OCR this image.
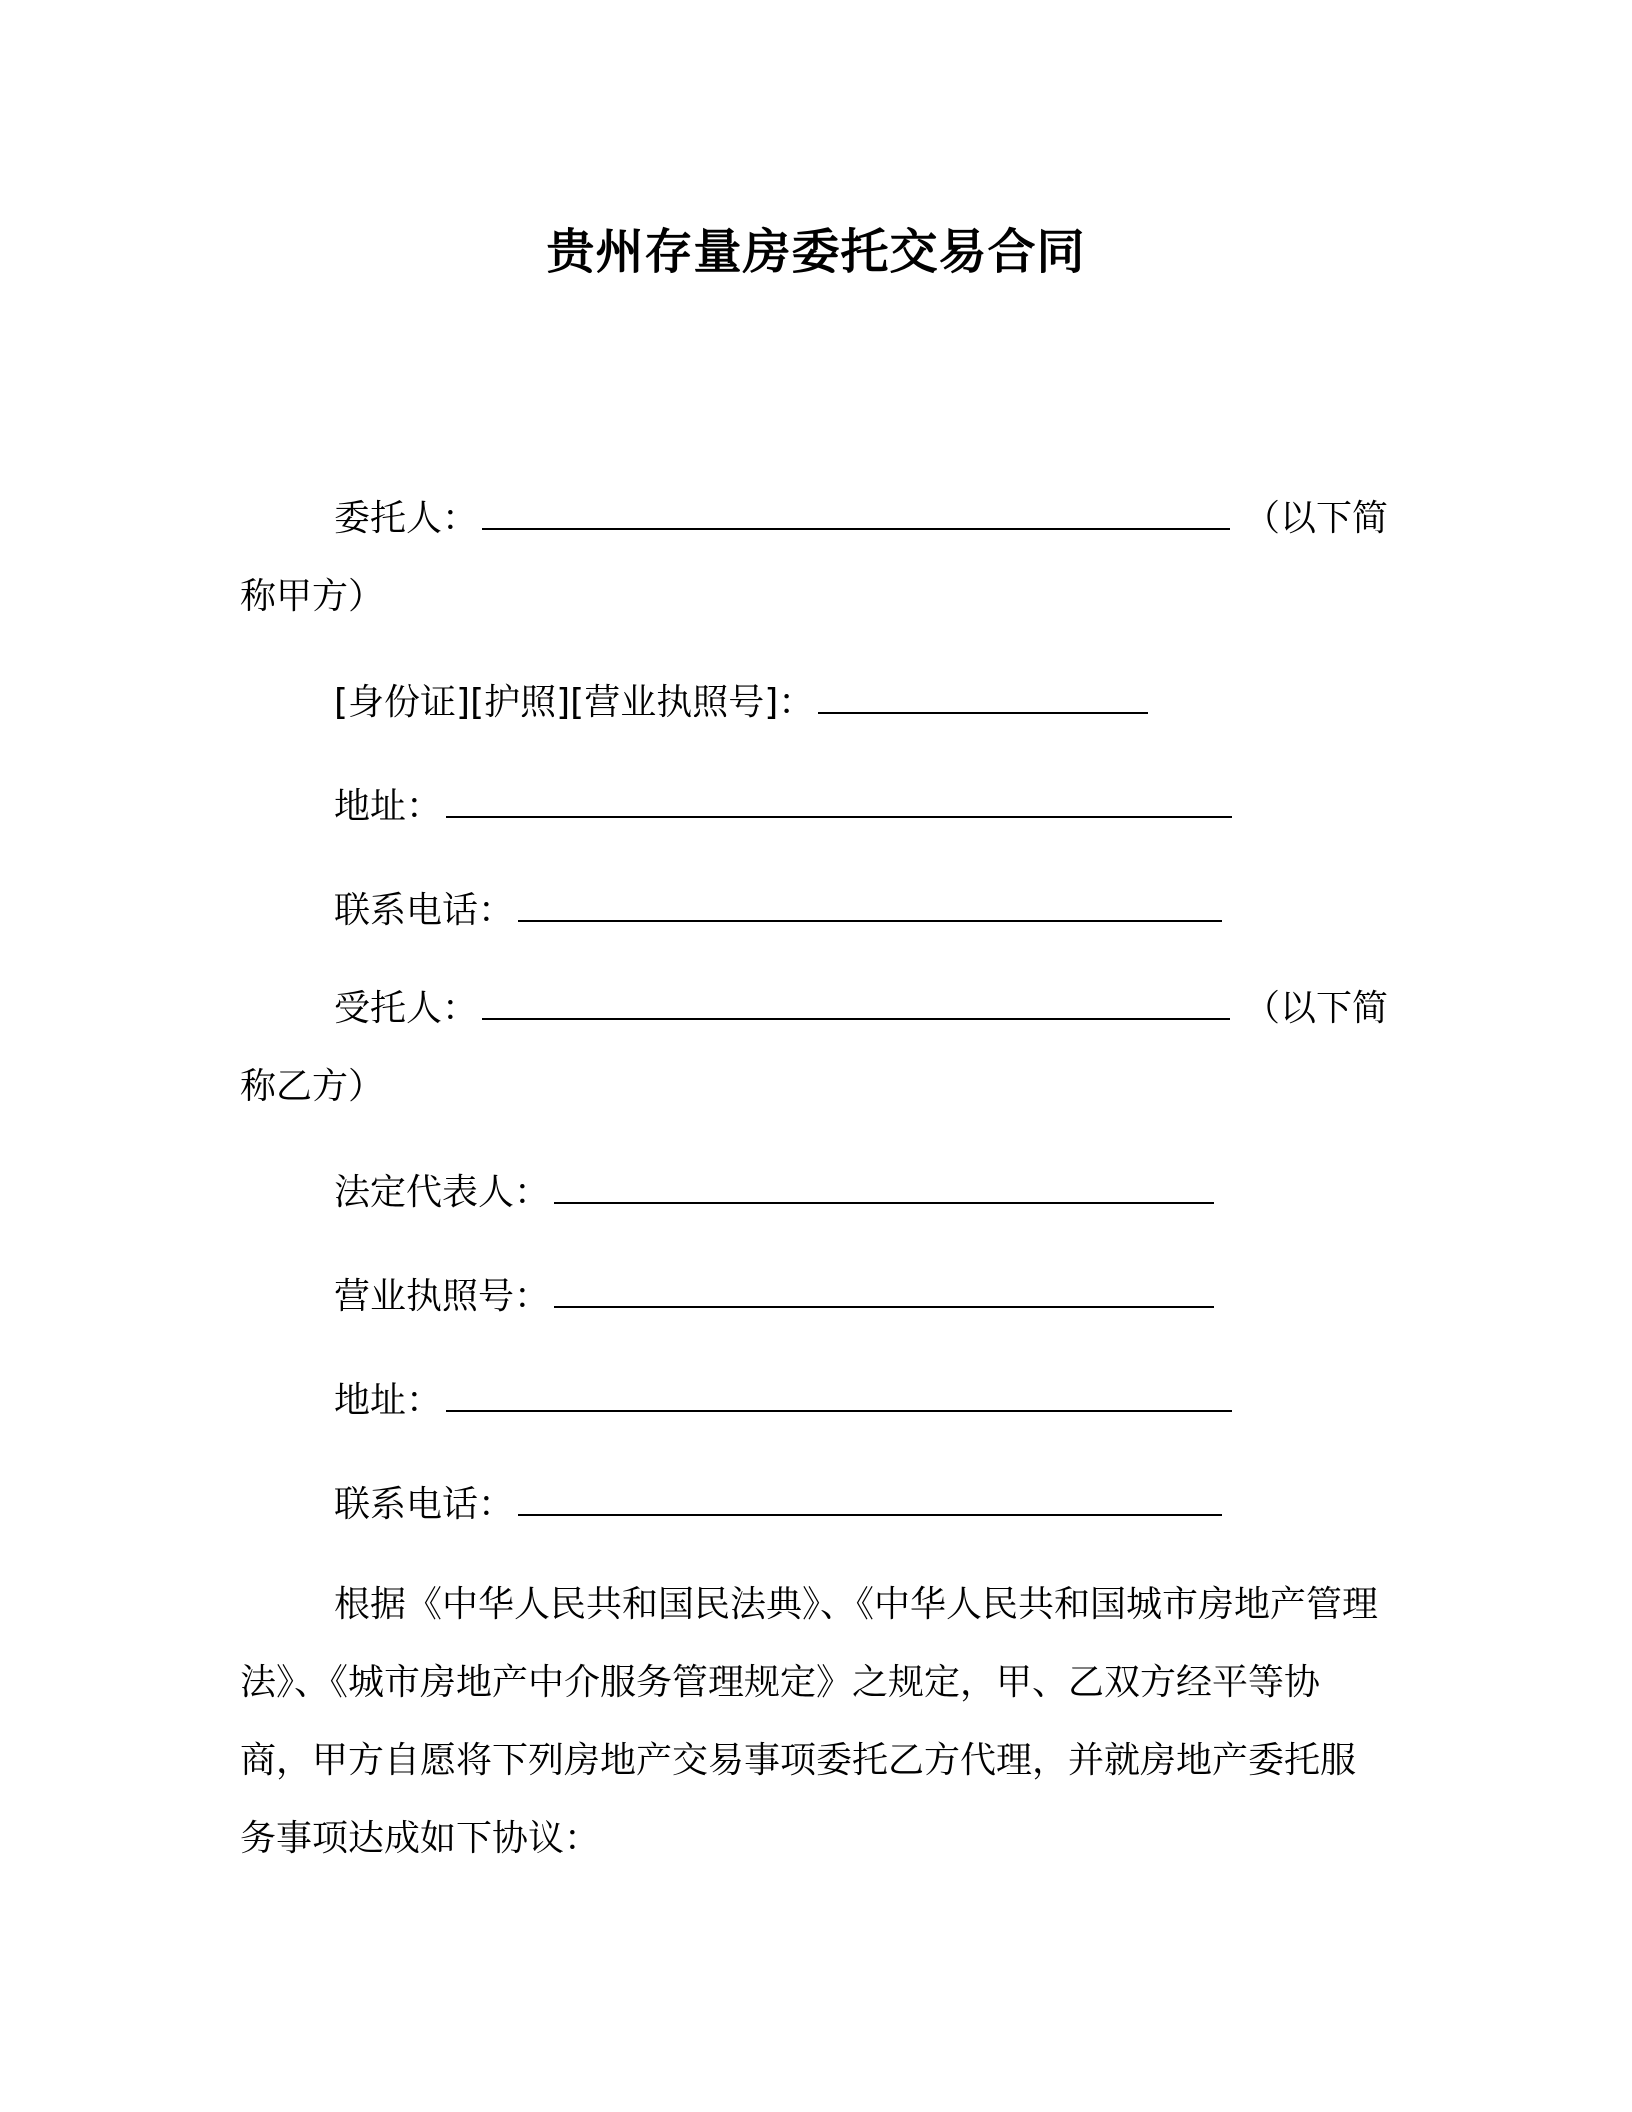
贵州存量房委托交易合同
委托人：	（以下简
称甲方）
[身份证][护照][营业执照号]：
地址：
联系电话：
受托人：	（以下简
称乙方）
法定代表人：
营业执照号：
地址：
联系电话：
根据《中华人民共和国民法典》、《中华人民共和国城市房地产管理法》、《城市房地产中介服务管理规定》之规定，甲、乙双方经平等协商，甲方自愿将下列房地产交易事项委托乙方代理，并就房地产委托服务事项达成如下协议：
